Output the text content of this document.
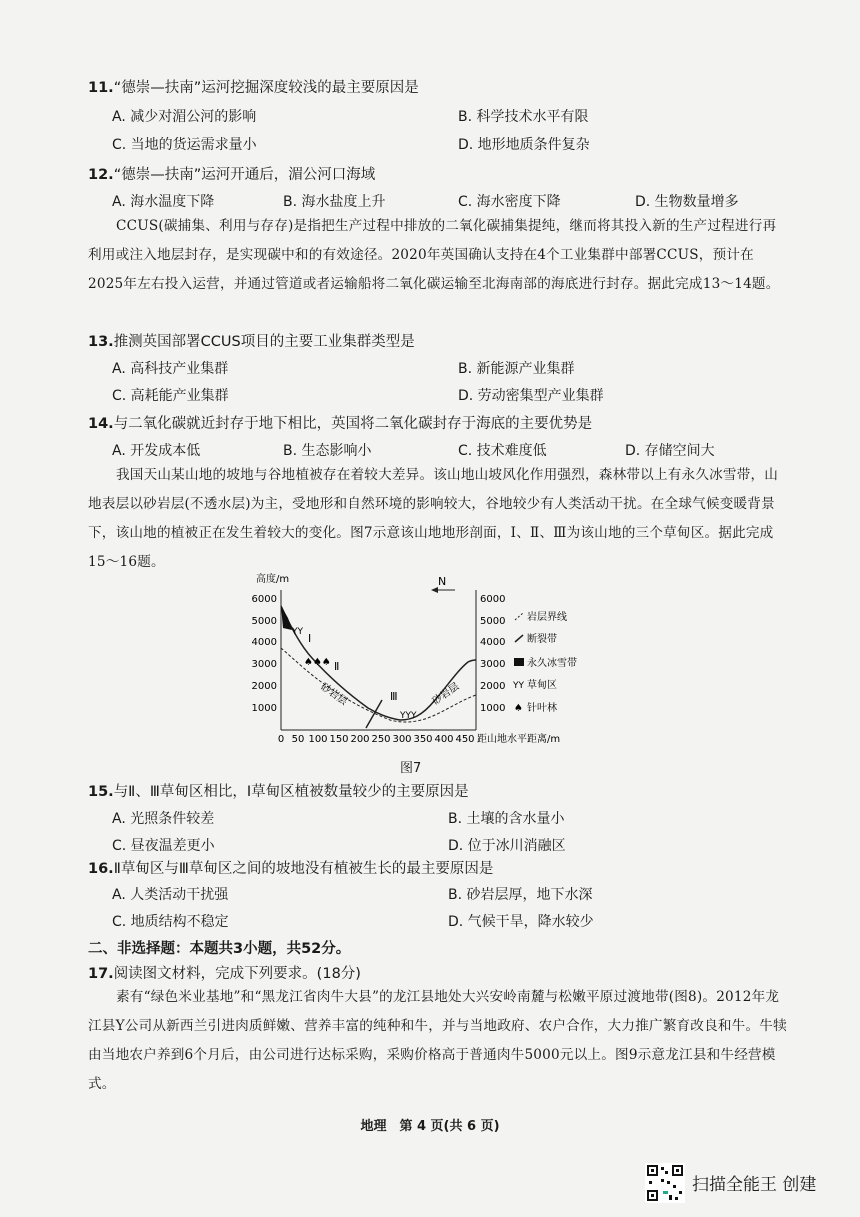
11.“德崇—扶南”运河挖掘深度较浅的最主要原因是
A. 减少对湄公河的影响	B. 科学技术水平有限
C. 当地的货运需求量小	D. 地形地质条件复杂
12.“德崇—扶南”运河开通后，湄公河口海域
A. 海水温度下降	B. 海水盐度上升	C. 海水密度下降	D. 生物数量增多
CCUS(碳捕集、利用与存存)是指把生产过程中排放的二氧化碳捕集提纯，继而将其投入新的生产过程进行再利用或注入地层封存，是实现碳中和的有效途径。2020年英国确认支持在4个工业集群中部署CCUS，预计在2025年左右投入运营，并通过管道或者运输船将二氧化碳运输至北海南部的海底进行封存。据此完成13～14题。
13.推测英国部署CCUS项目的主要工业集群类型是
A. 高科技产业集群	B. 新能源产业集群
C. 高耗能产业集群	D. 劳动密集型产业集群
14.与二氧化碳就近封存于地下相比，英国将二氧化碳封存于海底的主要优势是
A. 开发成本低	B. 生态影响小	C. 技术难度低	D. 存储空间大
我国天山某山地的坡地与谷地植被存在着较大差异。该山地山坡风化作用强烈，森林带以上有永久冰雪带，山地表层以砂岩层(不透水层)为主，受地形和自然环境的影响较大，谷地较少有人类活动干扰。在全球气候变暖背景下，该山地的植被正在发生着较大的变化。图7示意该山地地形剖面，Ⅰ、Ⅱ、Ⅲ为该山地的三个草甸区。据此完成15～16题。
高度/m
6000
5000
4000
3000
2000
1000
6000
5000
4000
3000
2000
1000
0 50 100 150 200 250 300 350 400 450 距山地水平距离/m
N
YY
YYY
♠♠♠
Ⅰ
Ⅱ
Ⅲ
砂岩层	砂岩层
岩层界线
断裂带
永久冰雪带
YY 草甸区
♠ 针叶林
图7
15.与Ⅱ、Ⅲ草甸区相比，Ⅰ草甸区植被数量较少的主要原因是
A. 光照条件较差	B. 土壤的含水量小
C. 昼夜温差更小	D. 位于冰川消融区
16.Ⅱ草甸区与Ⅲ草甸区之间的坡地没有植被生长的最主要原因是
A. 人类活动干扰强	B. 砂岩层厚，地下水深
C. 地质结构不稳定	D. 气候干旱，降水较少
二、非选择题：本题共3小题，共52分。
17.阅读图文材料，完成下列要求。(18分)
素有“绿色米业基地”和“黑龙江省肉牛大县”的龙江县地处大兴安岭南麓与松嫩平原过渡地带(图8)。2012年龙江县Y公司从新西兰引进肉质鲜嫩、营养丰富的纯种和牛，并与当地政府、农户合作，大力推广繁育改良和牛。牛犊由当地农户养到6个月后，由公司进行达标采购，采购价格高于普通肉牛5000元以上。图9示意龙江县和牛经营模式。
地理　第 4 页(共 6 页)
扫描全能王 创建
